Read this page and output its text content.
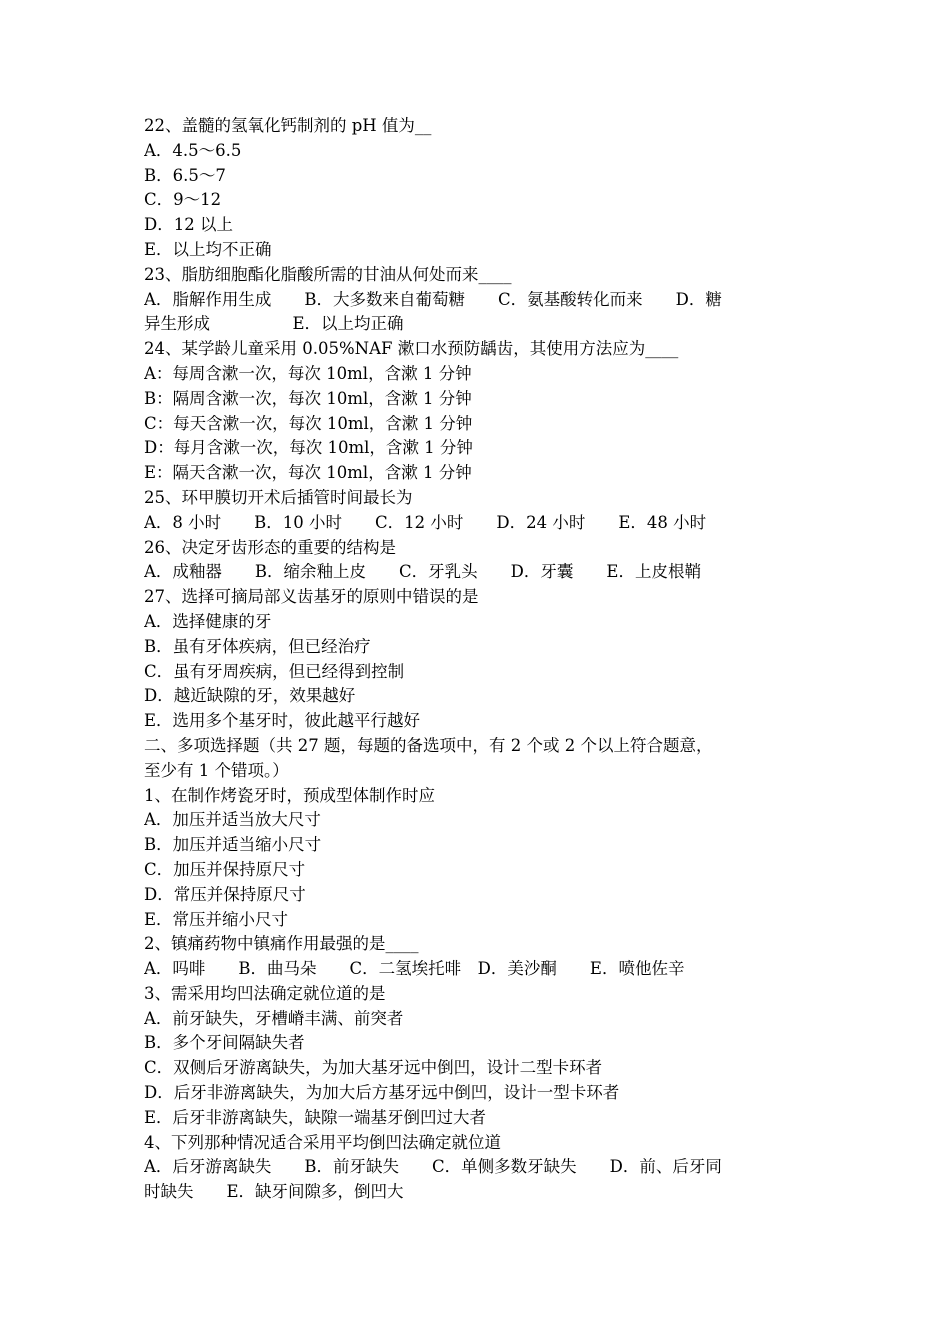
22、盖髓的氢氧化钙制剂的 pH 值为__
A．4.5～6.5
B．6.5～7
C．9～12
D．12 以上
E．以上均不正确
23、脂肪细胞酯化脂酸所需的甘油从何处而来____
A．脂解作用生成　　B．大多数来自葡萄糖　　C．氨基酸转化而来　　D．糖
异生形成　　　　　E．以上均正确
24、某学龄儿童采用 0.05%NAF 漱口水预防龋齿，其使用方法应为____
A：每周含漱一次，每次 10ml，含漱 1 分钟
B：隔周含漱一次，每次 10ml，含漱 1 分钟
C：每天含漱一次，每次 10ml，含漱 1 分钟
D：每月含漱一次，每次 10ml，含漱 1 分钟
E：隔天含漱一次，每次 10ml，含漱 1 分钟
25、环甲膜切开术后插管时间最长为
A．8 小时　　B．10 小时　　C．12 小时　　D．24 小时　　E．48 小时
26、决定牙齿形态的重要的结构是
A．成釉器　　B．缩余釉上皮　　C．牙乳头　　D．牙囊　　E．上皮根鞘
27、选择可摘局部义齿基牙的原则中错误的是
A．选择健康的牙
B．虽有牙体疾病，但已经治疗
C．虽有牙周疾病，但已经得到控制
D．越近缺隙的牙，效果越好
E．选用多个基牙时，彼此越平行越好
二、多项选择题（共 27 题，每题的备选项中，有 2 个或 2 个以上符合题意，
至少有 1 个错项。）
1、在制作烤瓷牙时，预成型体制作时应
A．加压并适当放大尺寸
B．加压并适当缩小尺寸
C．加压并保持原尺寸
D．常压并保持原尺寸
E．常压并缩小尺寸
2、镇痛药物中镇痛作用最强的是____
A．吗啡　　B．曲马朵　　C．二氢埃托啡　D．美沙酮　　E．喷他佐辛
3、需采用均凹法确定就位道的是
A．前牙缺失，牙槽嵴丰满、前突者
B．多个牙间隔缺失者
C．双侧后牙游离缺失，为加大基牙远中倒凹，设计二型卡环者
D．后牙非游离缺失，为加大后方基牙远中倒凹，设计一型卡环者
E．后牙非游离缺失，缺隙一端基牙倒凹过大者
4、下列那种情况适合采用平均倒凹法确定就位道
A．后牙游离缺失　　B．前牙缺失　　C．单侧多数牙缺失　　D．前、后牙同
时缺失　　E．缺牙间隙多，倒凹大
